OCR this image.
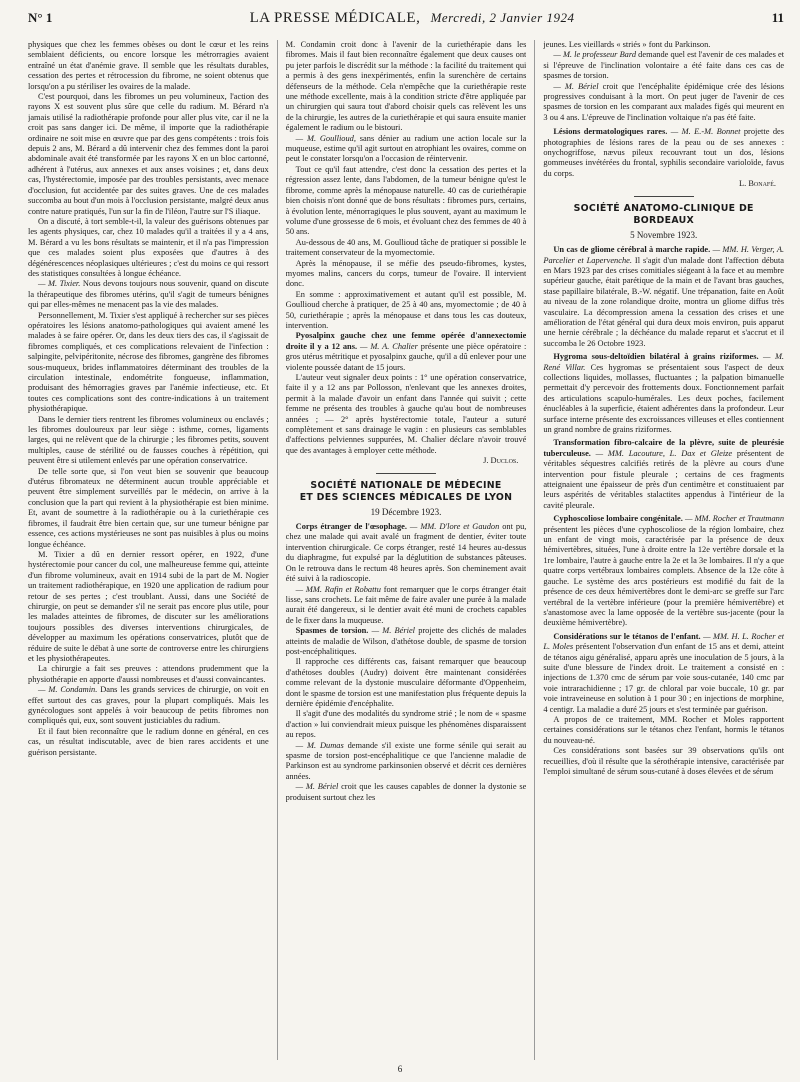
N° 1	LA PRESSE MÉDICALE, Mercredi, 2 Janvier 1924	11

physiques que chez les femmes obèses ou dont le cœur et les reins semblaient déficients, ou encore lorsque les métrorragies avaient entraîné un état d'anémie grave. Il semble que les résultats durables, cessation des pertes et rétrocession du fibrome, ne soient obtenus que lorsqu'on a pu stériliser les ovaires de la malade.

C'est pourquoi, dans les fibromes un peu volumineux, l'action des rayons X est souvent plus sûre que celle du radium. M. Bérard n'a jamais utilisé la radiothérapie profonde pour aller plus vite, car il ne la croit pas sans danger ici. De même, il importe que la radiothérapie ordinaire ne soit mise en œuvre que par des gens compétents : trois fois depuis 2 ans, M. Bérard a dû intervenir chez des femmes dont la paroi abdominale avait été transformée par les rayons X en un bloc cartonné, adhérent à l'utérus, aux annexes et aux anses voisines ; et, dans deux cas, l'hystérectomie, imposée par des troubles persistants, avec menace d'occlusion, fut accidentée par des suites graves. Une de ces malades succomba au bout d'un mois à l'occlusion persistante, malgré deux anus contre nature pratiqués, l'un sur la fin de l'iléon, l'autre sur l'S iliaque.

On a discuté, à tort semble-t-il, la valeur des guérisons obtenues par les agents physiques, car, chez 10 malades qu'il a traitées il y a 4 ans, M. Bérard a vu les bons résultats se maintenir, et il n'a pas l'impression que ces malades soient plus exposées que d'autres à des dégénérescences néoplasiques ultérieures ; c'est du moins ce qui ressort des statistiques consultées à longue échéance.

— M. Tixier. Nous devons toujours nous souvenir, quand on discute la thérapeutique des fibromes utérins, qu'il s'agit de tumeurs bénignes qui par elles-mêmes ne menacent pas la vie des malades.

Personnellement, M. Tixier s'est appliqué à rechercher sur ses pièces opératoires les lésions anatomo-pathologiques qui avaient amené les malades à se faire opérer. Or, dans les deux tiers des cas, il s'agissait de fibromes compliqués, et ces complications relevaient de l'infection : salpingite, pelvipéritonite, nécrose des fibromes, gangrène des fibromes sous-muqueux, brides inflammatoires déterminant des troubles de la circulation intestinale, endométrite fongueuse, inflammation, produisant des hémorragies graves par l'anémie infectieuse, etc. Et toutes ces complications sont des contre-indications à un traitement physiothérapique.

Dans le dernier tiers rentrent les fibromes volumineux ou enclavés ; les fibromes douloureux par leur siège : isthme, cornes, ligaments larges, qui ne relèvent que de la chirurgie ; les fibromes petits, souvent multiples, cause de stérilité ou de fausses couches à répétition, qui peuvent être si utilement enlevés par une opération conservatrice.

De telle sorte que, si l'on veut bien se souvenir que beaucoup d'utérus fibromateux ne déterminent aucun trouble appréciable et peuvent être simplement surveillés par le médecin, on arrive à la conclusion que la part qui revient à la physiothérapie est bien minime. Et, avant de soumettre à la radiothérapie ou à la curiethérapie ces fibromes, il faudrait être bien certain que, sur une tumeur bénigne par essence, ces actions mystérieuses ne sont pas nuisibles à plus ou moins longue échéance.

M. Tixier a dû en dernier ressort opérer, en 1922, d'une hystérectomie pour cancer du col, une malheureuse femme qui, atteinte d'un fibrome volumineux, avait en 1914 subi de la part de M. Nogier un traitement radiothérapique, en 1920 une application de radium pour retour de ses pertes ; c'est troublant. Aussi, dans une Société de chirurgie, on peut se demander s'il ne serait pas encore plus utile, pour les malades atteintes de fibromes, de discuter sur les améliorations toujours possibles des diverses interventions chirurgicales, de développer au maximum les opérations conservatrices, plutôt que de réduire de suite le débat à une sorte de controverse entre les chirurgiens et les physiothérapeutes.

La chirurgie a fait ses preuves : attendons prudemment que la physiothérapie en apporte d'aussi nombreuses et d'aussi convaincantes.

— M. Condamin. Dans les grands services de chirurgie, on voit en effet surtout des cas graves, pour la plupart compliqués. Mais les gynécologues sont appelés à voir beaucoup de petits fibromes non compliqués qui, eux, sont souvent justiciables du radium.

Et il faut bien reconnaître que le radium donne en général, en ces cas, un résultat indiscutable, avec de bien rares accidents et une guérison persistante.

M. Condamin croit donc à l'avenir de la curiethérapie dans les fibromes. Mais il faut bien reconnaître également que deux causes ont pu jeter parfois le discrédit sur la méthode : la facilité du traitement qui a permis à des gens inexpérimentés, enfin la surenchère de certains défenseurs de la méthode. Cela n'empêche que la curiethérapie reste une méthode excellente, mais à la condition stricte d'être appliquée par un chirurgien qui saura tout d'abord choisir quels cas relèvent les uns de la chirurgie, les autres de la curiethérapie et qui saura ensuite manier également le radium ou le bistouri.

— M. Goullioud, sans dénier au radium une action locale sur la muqueuse, estime qu'il agit surtout en atrophiant les ovaires, comme on peut le constater lorsqu'on a l'occasion de réintervenir.

Tout ce qu'il faut attendre, c'est donc la cessation des pertes et la régression assez lente, dans l'abdomen, de la tumeur bénigne qu'est le fibrome, comme après la ménopause naturelle. 40 cas de curiethérapie bien choisis n'ont donné que de bons résultats : fibromes purs, certains, à évolution lente, ménorragiques le plus souvent, ayant au maximum le volume d'une grossesse de 6 mois, et évoluant chez des femmes de 40 à 50 ans.

Au-dessous de 40 ans, M. Goullioud tâche de pratiquer si possible le traitement conservateur de la myomectomie.

Après la ménopause, il se méfie des pseudo-fibromes, kystes, myomes malins, cancers du corps, tumeur de l'ovaire. Il intervient donc.

En somme : approximativement et autant qu'il est possible, M. Goullioud cherche à pratiquer, de 25 à 40 ans, myomectomie ; de 40 à 50, curiethérapie ; après la ménopause et dans tous les cas douteux, intervention.

Pyosalpinx gauche chez une femme opérée d'annexectomie droite il y a 12 ans. — M. A. Chalier présente une pièce opératoire : gros utérus métritique et pyosalpinx gauche, qu'il a dû enlever pour une violente poussée datant de 15 jours.

L'auteur veut signaler deux points : 1° une opération conservatrice, faite il y a 12 ans par Pollosson, n'enlevant que les annexes droites, permit à la malade d'avoir un enfant dans l'année qui suivit ; cette femme ne présenta des troubles à gauche qu'au bout de nombreuses années ; — 2° après hystérectomie totale, l'auteur a suturé complètement et sans drainage le vagin : en plusieurs cas semblables d'affections pelviennes suppurées, M. Chalier déclare n'avoir trouvé que des avantages à employer cette méthode.

J. Duclos.
SOCIÉTÉ NATIONALE DE MÉDECINE
ET DES SCIENCES MÉDICALES DE LYON
19 Décembre 1923.

Corps étranger de l'œsophage. — MM. D'lore et Gaudon ont pu, chez une malade qui avait avalé un fragment de dentier, éviter toute intervention chirurgicale. Ce corps étranger, resté 14 heures au-dessus du diaphragme, fut expulsé par la déglutition de substances pâteuses. On le retrouva dans le rectum 48 heures après. Son cheminement avait été suivi à la radioscopie.

— MM. Rafin et Robattu font remarquer que le corps étranger était lisse, sans crochets. Le fait même de faire avaler une purée à la malade aurait été dangereux, si le dentier avait été muni de crochets capables de le fixer dans la muqueuse.

Spasmes de torsion. — M. Bériel projette des clichés de malades atteints de maladie de Wilson, d'athétose double, de spasme de torsion post-encéphalitiques.

Il rapproche ces différents cas, faisant remarquer que beaucoup d'athétoses doubles (Audry) doivent être maintenant considérées comme relevant de la dystonie musculaire déformante d'Oppenheim, dont le spasme de torsion est une manifestation plus fréquente depuis la dernière épidémie d'encéphalite.

Il s'agit d'une des modalités du syndrome strié ; le nom de « spasme d'action » lui conviendrait mieux puisque les phénomènes disparaissent au repos.

— M. Dumas demande s'il existe une forme sénile qui serait au spasme de torsion post-encéphalitique ce que l'ancienne maladie de Parkinson est au syndrome parkinsonien observé et décrit ces dernières années.

— M. Bériel croit que les causes capables de donner la dystonie se produisent surtout chez les

jeunes. Les vieillards « striés » font du Parkinson.

— M. le professeur Bard demande quel est l'avenir de ces malades et si l'épreuve de l'inclination volontaire a été faite dans ces cas de spasmes de torsion.

— M. Bériel croit que l'encéphalite épidémique crée des lésions progressives conduisant à la mort. On peut juger de l'avenir de ces spasmes de torsion en les comparant aux malades figés qui meurent en 3 ou 4 ans. L'épreuve de l'inclination voltaique n'a pas été faite.

Lésions dermatologiques rares. — M. E.-M. Bonnet projette des photographies de lésions rares de la peau ou de ses annexes : onychogriffose, nævus pileux recouvrant tout un dos, lésions gommeuses invétérées du frontal, syphilis secondaire varioloïde, favus du corps.

L. Bonafé.
SOCIÉTÉ ANATOMO-CLINIQUE DE BORDEAUX
5 Novembre 1923.

Un cas de gliome cérébral à marche rapide. — MM. H. Verger, A. Parcelier et Lapervenche. Il s'agit d'un malade dont l'affection débuta en Mars 1923 par des crises comitiales siégeant à la face et au membre supérieur gauche, était parétique de la main et de l'avant bras gauches, stase papillaire bilatérale, B.-W. négatif. Une trépanation, faite en Août au niveau de la zone rolandique droite, montra un gliome diffus très vasculaire. La décompression amena la cessation des crises et une amélioration de l'état général qui dura deux mois environ, puis apparut une hernie cérébrale ; la déchéance du malade reparut et s'accrut et il succomba le 26 Octobre 1923.

Hygroma sous-deltoïdien bilatéral à grains riziformes. — M. René Villar. Ces hygromas se présentaient sous l'aspect de deux collections liquides, mollasses, fluctuantes ; la palpation bimanuelle permettait d'y percevoir des frottements doux. Fonctionnement parfait des articulations scapulo-humérales. Les deux poches, facilement énucléables à la superficie, étaient adhérentes dans la profondeur. Leur surface interne présente des excroissances villeuses et elles contiennent un grand nombre de grains riziformes.

Transformation fibro-calcaire de la plèvre, suite de pleurésie tuberculeuse. — MM. Lacouture, L. Dax et Gleize présentent de véritables séquestres calcifiés retirés de la plèvre au cours d'une intervention pour fistule pleurale ; certains de ces fragments atteignaient une épaisseur de près d'un centimètre et constituaient par leurs aspérités de véritables stalactites appendus à l'intérieur de la cavité pleurale.

Cyphoscoliose lombaire congénitale. — MM. Rocher et Trautmann présentent les pièces d'une cyphoscoliose de la région lombaire, chez un enfant de vingt mois, caractérisée par la présence de deux hémivertèbres, situées, l'une à droite entre la 12e vertèbre dorsale et la 1re lombaire, l'autre à gauche entre la 2e et la 3e lombaires. Il n'y a que quatre corps vertébraux lombaires complets. Absence de la 12e côte à gauche. Le système des arcs postérieurs est modifié du fait de la présence de ces deux hémivertèbres dont le demi-arc se greffe sur l'arc vertébral de la vertèbre inférieure (pour la première hémivertèbre) et s'anastomose avec la lame opposée de la vertèbre sus-jacente (pour la deuxième hémivertèbre).

Considérations sur le tétanos de l'enfant. — MM. H. L. Rocher et L. Moles présentent l'observation d'un enfant de 15 ans et demi, atteint de tétanos aigu généralisé, apparu après une inoculation de 5 jours, à la suite d'une blessure de l'index droit. Le traitement a consisté en : injections de 1.370 cmc de sérum par voie sous-cutanée, 140 cmc par voie intrarachidienne ; 17 gr. de chloral par voie buccale, 10 gr. par voie intraveineuse en solution à 1 pour 30 ; en injections de morphine, 4 centigr. La maladie a duré 25 jours et s'est terminée par guérison.

A propos de ce traitement, MM. Rocher et Moles rapportent certaines considérations sur le tétanos chez l'enfant, hormis le tétanos du nouveau-né.

Ces considérations sont basées sur 39 observations qu'ils ont recueillies, d'où il résulte que la sérothérapie intensive, caractérisée par l'emploi simultané de sérum sous-cutané à doses élevées et de sérum

6
